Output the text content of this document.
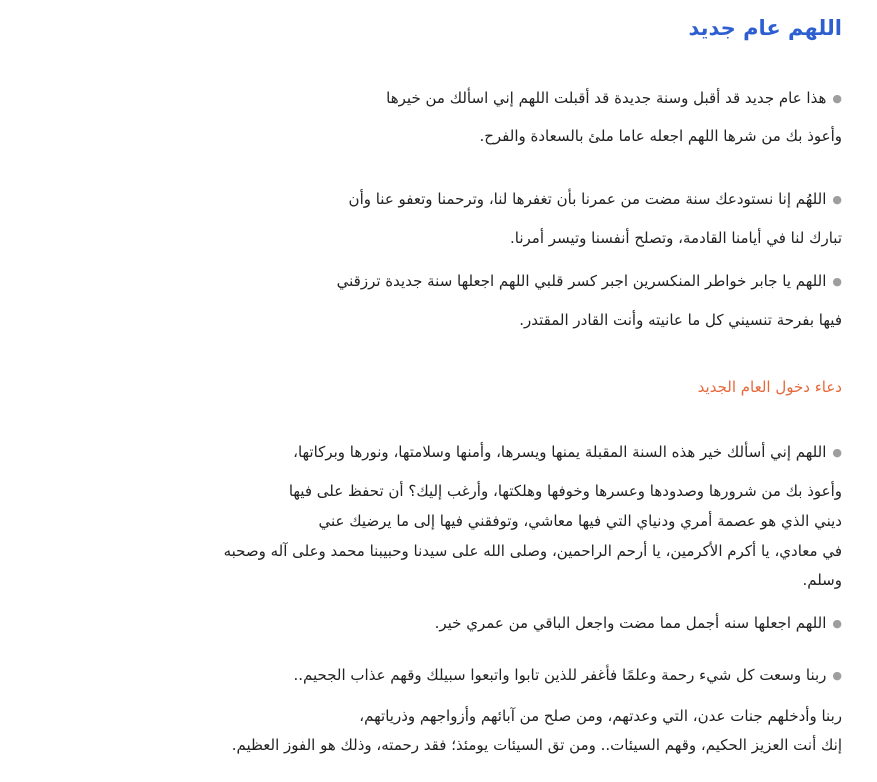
اللهم عام جديد
●هذا عام جديد قد أقبل وسنة جديدة قد أقبلت اللهم إني اسألك من خيرها
وأعوذ بك من شرها اللهم اجعله عاما ملئ بالسعادة والفرح.
●اللهُم إنا نستودعك سنة مضت من عمرنا بأن تغفرها لنا، وترحمنا وتعفو عنا وأن
تبارك لنا في أيامنا القادمة، وتصلح أنفسنا وتيسر أمرنا.
●اللهم يا جابر خواطر المنكسرين اجبر كسر قلبي اللهم اجعلها سنة جديدة ترزقني
فيها بفرحة تنسيني كل ما عانيته وأنت القادر المقتدر.
دعاء دخول العام الجديد
●اللهم إني أسألك خير هذه السنة المقبلة يمنها ويسرها، وأمنها وسلامتها، ونورها وبركاتها،
وأعوذ بك من شرورها وصدودها وعسرها وخوفها وهلكتها، وأرغب إليك؟ أن تحفظ على فيها
ديني الذي هو عصمة أمري ودنياي التي فيها معاشي، وتوفقني فيها إلى ما يرضيك عني
في معادي، يا أكرم الأكرمين، يا أرحم الراحمين، وصلى الله على سيدنا وحبيبنا محمد وعلى آله وصحبه
وسلم.
●اللهم اجعلها سنه أجمل مما مضت واجعل الباقي من عمري خير.
●ربنا وسعت كل شيء رحمة وعلمًا فأغفر للذين تابوا واتبعوا سبيلك وقهم عذاب الجحيم..
ربنا وأدخلهم جنات عدن، التي وعدتهم، ومن صلح من آبائهم وأزواجهم وذرياتهم،
إنك أنت العزيز الحكيم، وقهم السيئات.. ومن تق السيئات يومئذ؛ فقد رحمته، وذلك هو الفوز العظيم.
